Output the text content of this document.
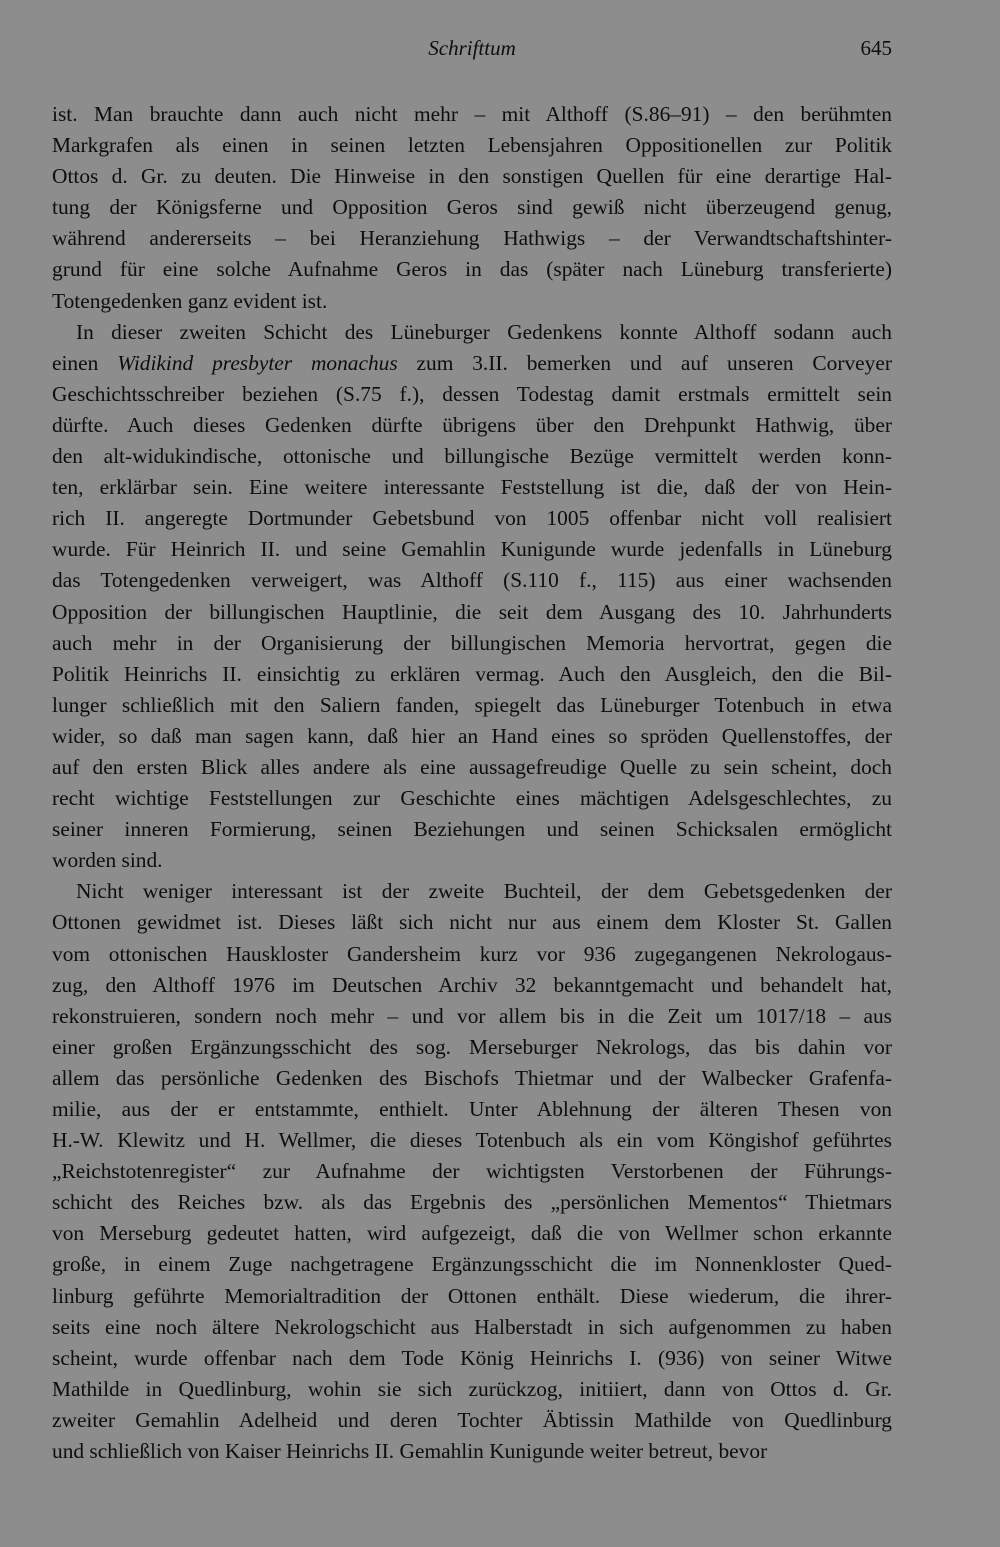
Schrifttum	645
ist. Man brauchte dann auch nicht mehr – mit Althoff (S.86–91) – den berühmten
Markgrafen als einen in seinen letzten Lebensjahren Oppositionellen zur Politik
Ottos d. Gr. zu deuten. Die Hinweise in den sonstigen Quellen für eine derartige Hal-
tung der Königsferne und Opposition Geros sind gewiß nicht überzeugend genug,
während andererseits – bei Heranziehung Hathwigs – der Verwandtschaftshinter-
grund für eine solche Aufnahme Geros in das (später nach Lüneburg transferierte)
Totengedenken ganz evident ist.
In dieser zweiten Schicht des Lüneburger Gedenkens konnte Althoff sodann auch
einen Widikind presbyter monachus zum 3.II. bemerken und auf unseren Corveyer
Geschichtsschreiber beziehen (S.75 f.), dessen Todestag damit erstmals ermittelt sein
dürfte. Auch dieses Gedenken dürfte übrigens über den Drehpunkt Hathwig, über
den alt-widukindische, ottonische und billungische Bezüge vermittelt werden konn-
ten, erklärbar sein. Eine weitere interessante Feststellung ist die, daß der von Hein-
rich II. angeregte Dortmunder Gebetsbund von 1005 offenbar nicht voll realisiert
wurde. Für Heinrich II. und seine Gemahlin Kunigunde wurde jedenfalls in Lüneburg
das Totengedenken verweigert, was Althoff (S.110 f., 115) aus einer wachsenden
Opposition der billungischen Hauptlinie, die seit dem Ausgang des 10. Jahrhunderts
auch mehr in der Organisierung der billungischen Memoria hervortrat, gegen die
Politik Heinrichs II. einsichtig zu erklären vermag. Auch den Ausgleich, den die Bil-
lunger schließlich mit den Saliern fanden, spiegelt das Lüneburger Totenbuch in etwa
wider, so daß man sagen kann, daß hier an Hand eines so spröden Quellenstoffes, der
auf den ersten Blick alles andere als eine aussagefreudige Quelle zu sein scheint, doch
recht wichtige Feststellungen zur Geschichte eines mächtigen Adelsgeschlechtes, zu
seiner inneren Formierung, seinen Beziehungen und seinen Schicksalen ermöglicht
worden sind.
Nicht weniger interessant ist der zweite Buchteil, der dem Gebetsgedenken der
Ottonen gewidmet ist. Dieses läßt sich nicht nur aus einem dem Kloster St. Gallen
vom ottonischen Hauskloster Gandersheim kurz vor 936 zugegangenen Nekrologaus-
zug, den Althoff 1976 im Deutschen Archiv 32 bekanntgemacht und behandelt hat,
rekonstruieren, sondern noch mehr – und vor allem bis in die Zeit um 1017/18 – aus
einer großen Ergänzungsschicht des sog. Merseburger Nekrologs, das bis dahin vor
allem das persönliche Gedenken des Bischofs Thietmar und der Walbecker Grafenfa-
milie, aus der er entstammte, enthielt. Unter Ablehnung der älteren Thesen von
H.-W. Klewitz und H. Wellmer, die dieses Totenbuch als ein vom Köngishof geführtes
„Reichstotenregister“ zur Aufnahme der wichtigsten Verstorbenen der Führungs-
schicht des Reiches bzw. als das Ergebnis des „persönlichen Mementos“ Thietmars
von Merseburg gedeutet hatten, wird aufgezeigt, daß die von Wellmer schon erkannte
große, in einem Zuge nachgetragene Ergänzungsschicht die im Nonnenkloster Qued-
linburg geführte Memorialtradition der Ottonen enthält. Diese wiederum, die ihrer-
seits eine noch ältere Nekrologschicht aus Halberstadt in sich aufgenommen zu haben
scheint, wurde offenbar nach dem Tode König Heinrichs I. (936) von seiner Witwe
Mathilde in Quedlinburg, wohin sie sich zurückzog, initiiert, dann von Ottos d. Gr.
zweiter Gemahlin Adelheid und deren Tochter Äbtissin Mathilde von Quedlinburg
und schließlich von Kaiser Heinrichs II. Gemahlin Kunigunde weiter betreut, bevor
